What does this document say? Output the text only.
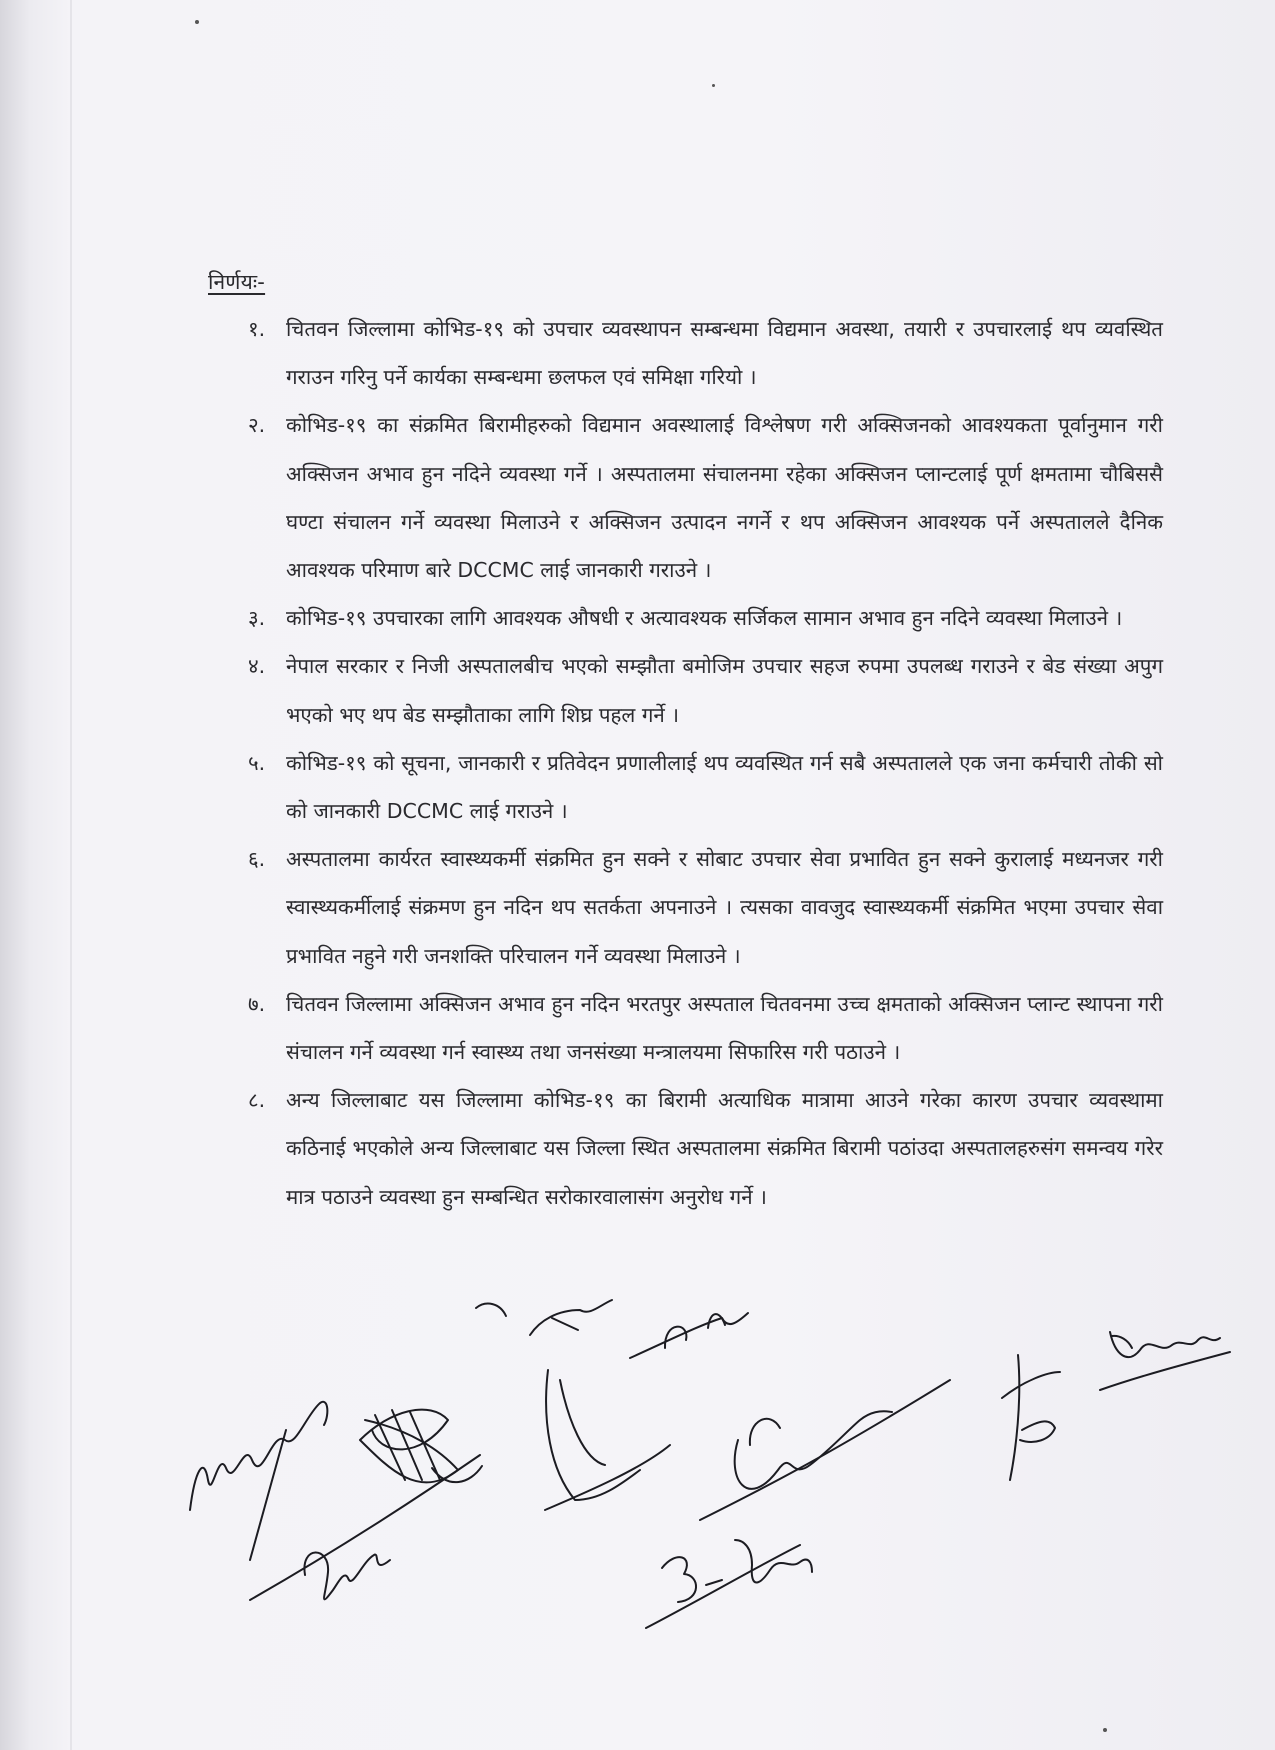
निर्णयः-
१. चितवन जिल्लामा कोभिड-१९ को उपचार व्यवस्थापन सम्बन्धमा विद्यमान अवस्था, तयारी र उपचारलाई थप व्यवस्थित गराउन गरिनु पर्ने कार्यका सम्बन्धमा छलफल एवं समिक्षा गरियो ।
२. कोभिड-१९ का संक्रमित बिरामीहरुको विद्यमान अवस्थालाई विश्लेषण गरी अक्सिजनको आवश्यकता पूर्वानुमान गरी अक्सिजन अभाव हुन नदिने व्यवस्था गर्ने । अस्पतालमा संचालनमा रहेका अक्सिजन प्लान्टलाई पूर्ण क्षमतामा चौबिससै घण्टा संचालन गर्ने व्यवस्था मिलाउने र अक्सिजन उत्पादन नगर्ने र थप अक्सिजन आवश्यक पर्ने अस्पतालले दैनिक आवश्यक परिमाण बारे DCCMC लाई जानकारी गराउने ।
३. कोभिड-१९ उपचारका लागि आवश्यक औषधी र अत्यावश्यक सर्जिकल सामान अभाव हुन नदिने व्यवस्था मिलाउने ।
४. नेपाल सरकार र निजी अस्पतालबीच भएको सम्झौता बमोजिम उपचार सहज रुपमा उपलब्ध गराउने र बेड संख्या अपुग भएको भए थप बेड सम्झौताका लागि शिघ्र पहल गर्ने ।
५. कोभिड-१९ को सूचना, जानकारी र प्रतिवेदन प्रणालीलाई थप व्यवस्थित गर्न सबै अस्पतालले एक जना कर्मचारी तोकी सो को जानकारी DCCMC लाई गराउने ।
६. अस्पतालमा कार्यरत स्वास्थ्यकर्मी संक्रमित हुन सक्ने र सोबाट उपचार सेवा प्रभावित हुन सक्ने कुरालाई मध्यनजर गरी स्वास्थ्यकर्मीलाई संक्रमण हुन नदिन थप सतर्कता अपनाउने । त्यसका वावजुद स्वास्थ्यकर्मी संक्रमित भएमा उपचार सेवा प्रभावित नहुने गरी जनशक्ति परिचालन गर्ने व्यवस्था मिलाउने ।
७. चितवन जिल्लामा अक्सिजन अभाव हुन नदिन भरतपुर अस्पताल चितवनमा उच्च क्षमताको अक्सिजन प्लान्ट स्थापना गरी संचालन गर्ने व्यवस्था गर्न स्वास्थ्य तथा जनसंख्या मन्त्रालयमा सिफारिस गरी पठाउने ।
८. अन्य जिल्लाबाट यस जिल्लामा कोभिड-१९ का बिरामी अत्याधिक मात्रामा आउने गरेका कारण उपचार व्यवस्थामा कठिनाई भएकोले अन्य जिल्लाबाट यस जिल्ला स्थित अस्पतालमा संक्रमित बिरामी पठांउदा अस्पतालहरुसंग समन्वय गरेर मात्र पठाउने व्यवस्था हुन सम्बन्धित सरोकारवालासंग अनुरोध गर्ने ।
